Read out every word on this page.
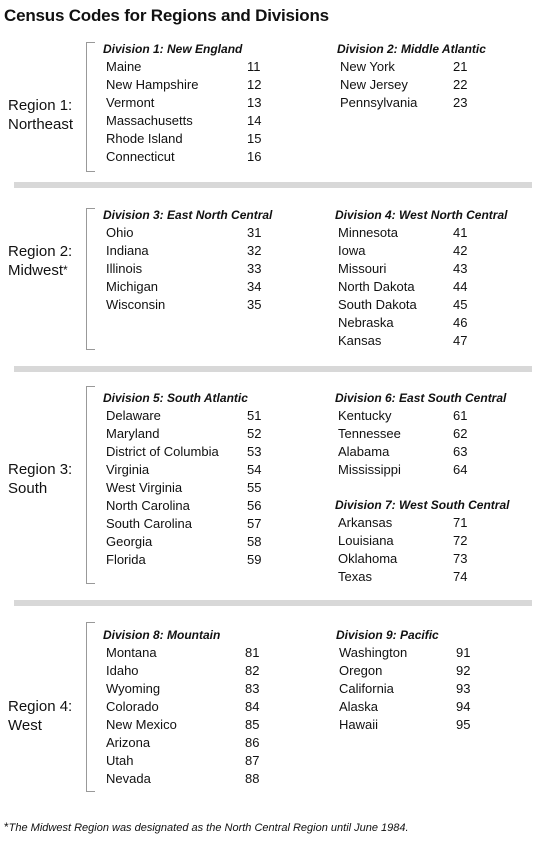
Census Codes for Regions and Divisions
Region 1:
Northeast
Division 1: New England
Maine	11
New Hampshire	12
Vermont	13
Massachusetts	14
Rhode Island	15
Connecticut	16
Division 2: Middle Atlantic
New York	21
New Jersey	22
Pennsylvania	23
Region 2:
Midwest*
Division 3: East North Central
Ohio	31
Indiana	32
Illinois	33
Michigan	34
Wisconsin	35
Division 4: West North Central
Minnesota	41
Iowa	42
Missouri	43
North Dakota	44
South Dakota	45
Nebraska	46
Kansas	47
Region 3:
South
Division 5: South Atlantic
Delaware	51
Maryland	52
District of Columbia 53
Virginia	54
West Virginia	55
North Carolina	56
South Carolina	57
Georgia	58
Florida	59
Division 6: East South Central
Kentucky	61
Tennessee	62
Alabama	63
Mississippi	64
Division 7: West South Central
Arkansas	71
Louisiana	72
Oklahoma	73
Texas	74
Region 4:
West
Division 8: Mountain
Montana	81
Idaho	82
Wyoming	83
Colorado	84
New Mexico	85
Arizona	86
Utah	87
Nevada	88
Division 9: Pacific
Washington	91
Oregon	92
California	93
Alaska	94
Hawaii	95
*The Midwest Region was designated as the North Central Region until June 1984.
